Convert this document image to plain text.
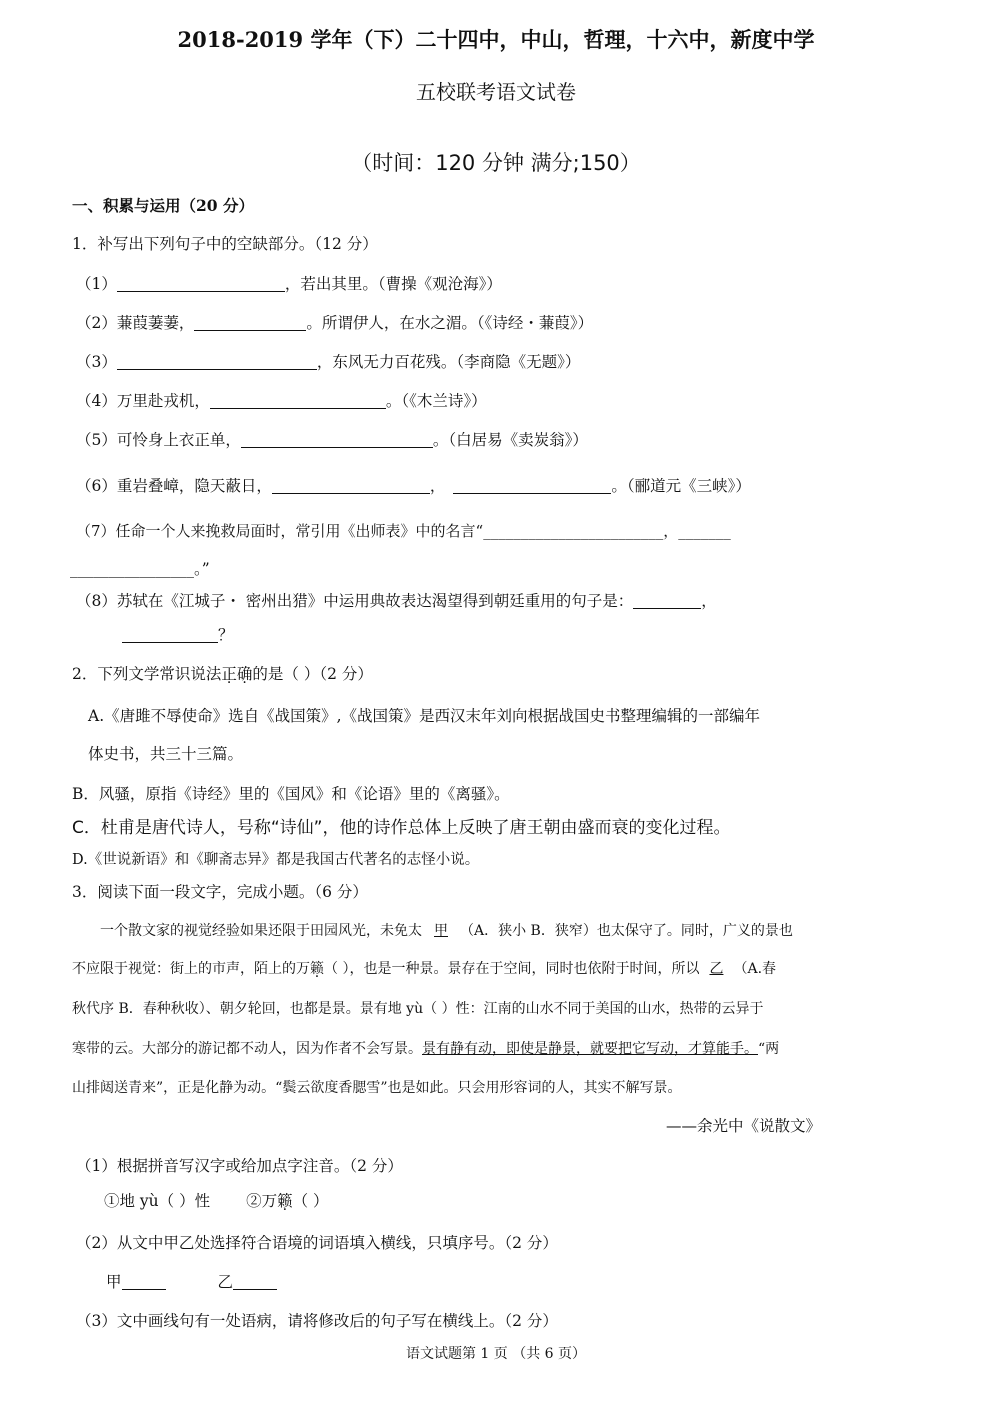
2018-2019 学年（下）二十四中，中山，哲理，十六中，新度中学
五校联考语文试卷
（时间：120 分钟 满分;150）
一、积累与运用（20 分）
1．补写出下列句子中的空缺部分。（12 分）
（1）	，若出其里。（曹操《观沧海》）
（2）蒹葭萋萋，	。所谓伊人，在水之湄。（《诗经・蒹葭》）
（3）	，东风无力百花残。（李商隐《无题》）
（4）万里赴戎机，	。（《木兰诗》）
（5）可怜身上衣正单，	。（白居易《卖炭翁》）
（6）重岩叠嶂，隐天蔽日，	，	。（郦道元《三峡》）
（7）任命一个人来挽救局面时，常引用《出师表》中的名言“________________________，_______
________________。”
（8）苏轼在《江城子・ 密州出猎》中运用典故表达渴望得到朝廷重用的句子是：	，
？
2．下列文学常识说法正确的是（ ）（2 分）
A.《唐雎不辱使命》选自《战国策》,《战国策》是西汉末年刘向根据战国史书整理编辑的一部编年
体史书，共三十三篇。
B．风骚，原指《诗经》里的《国风》和《论语》里的《离骚》。
C．杜甫是唐代诗人，号称“诗仙”，他的诗作总体上反映了唐王朝由盛而衰的变化过程。
D.《世说新语》和《聊斋志异》都是我国古代著名的志怪小说。
3．阅读下面一段文字，完成小题。（6 分）
一个散文家的视觉经验如果还限于田园风光，未免太 甲 （A．狭小 B．狭窄）也太保守了。同时，广义的景也
不应限于视觉：街上的市声，陌上的万籁（ ），也是一种景。景存在于空间，同时也依附于时间，所以 乙 （A.春
秋代序 B．春种秋收）、朝夕轮回，也都是景。景有地 yù（ ）性：江南的山水不同于美国的山水，热带的云异于
寒带的云。大部分的游记都不动人，因为作者不会写景。景有静有动，即使是静景，就要把它写动，才算能手。“两
山排闼送青来”，正是化静为动。“鬓云欲度香腮雪”也是如此。只会用形容词的人，其实不解写景。
——余光中《说散文》
（1）根据拼音写汉字或给加点字注音。（2 分）
①地 yù（ ）性 ②万籁（ ）
（2）从文中甲乙处选择符合语境的词语填入横线，只填序号。（2 分）
甲	乙
（3）文中画线句有一处语病，请将修改后的句子写在横线上。（2 分）
语文试题第 1 页 （共 6 页）
